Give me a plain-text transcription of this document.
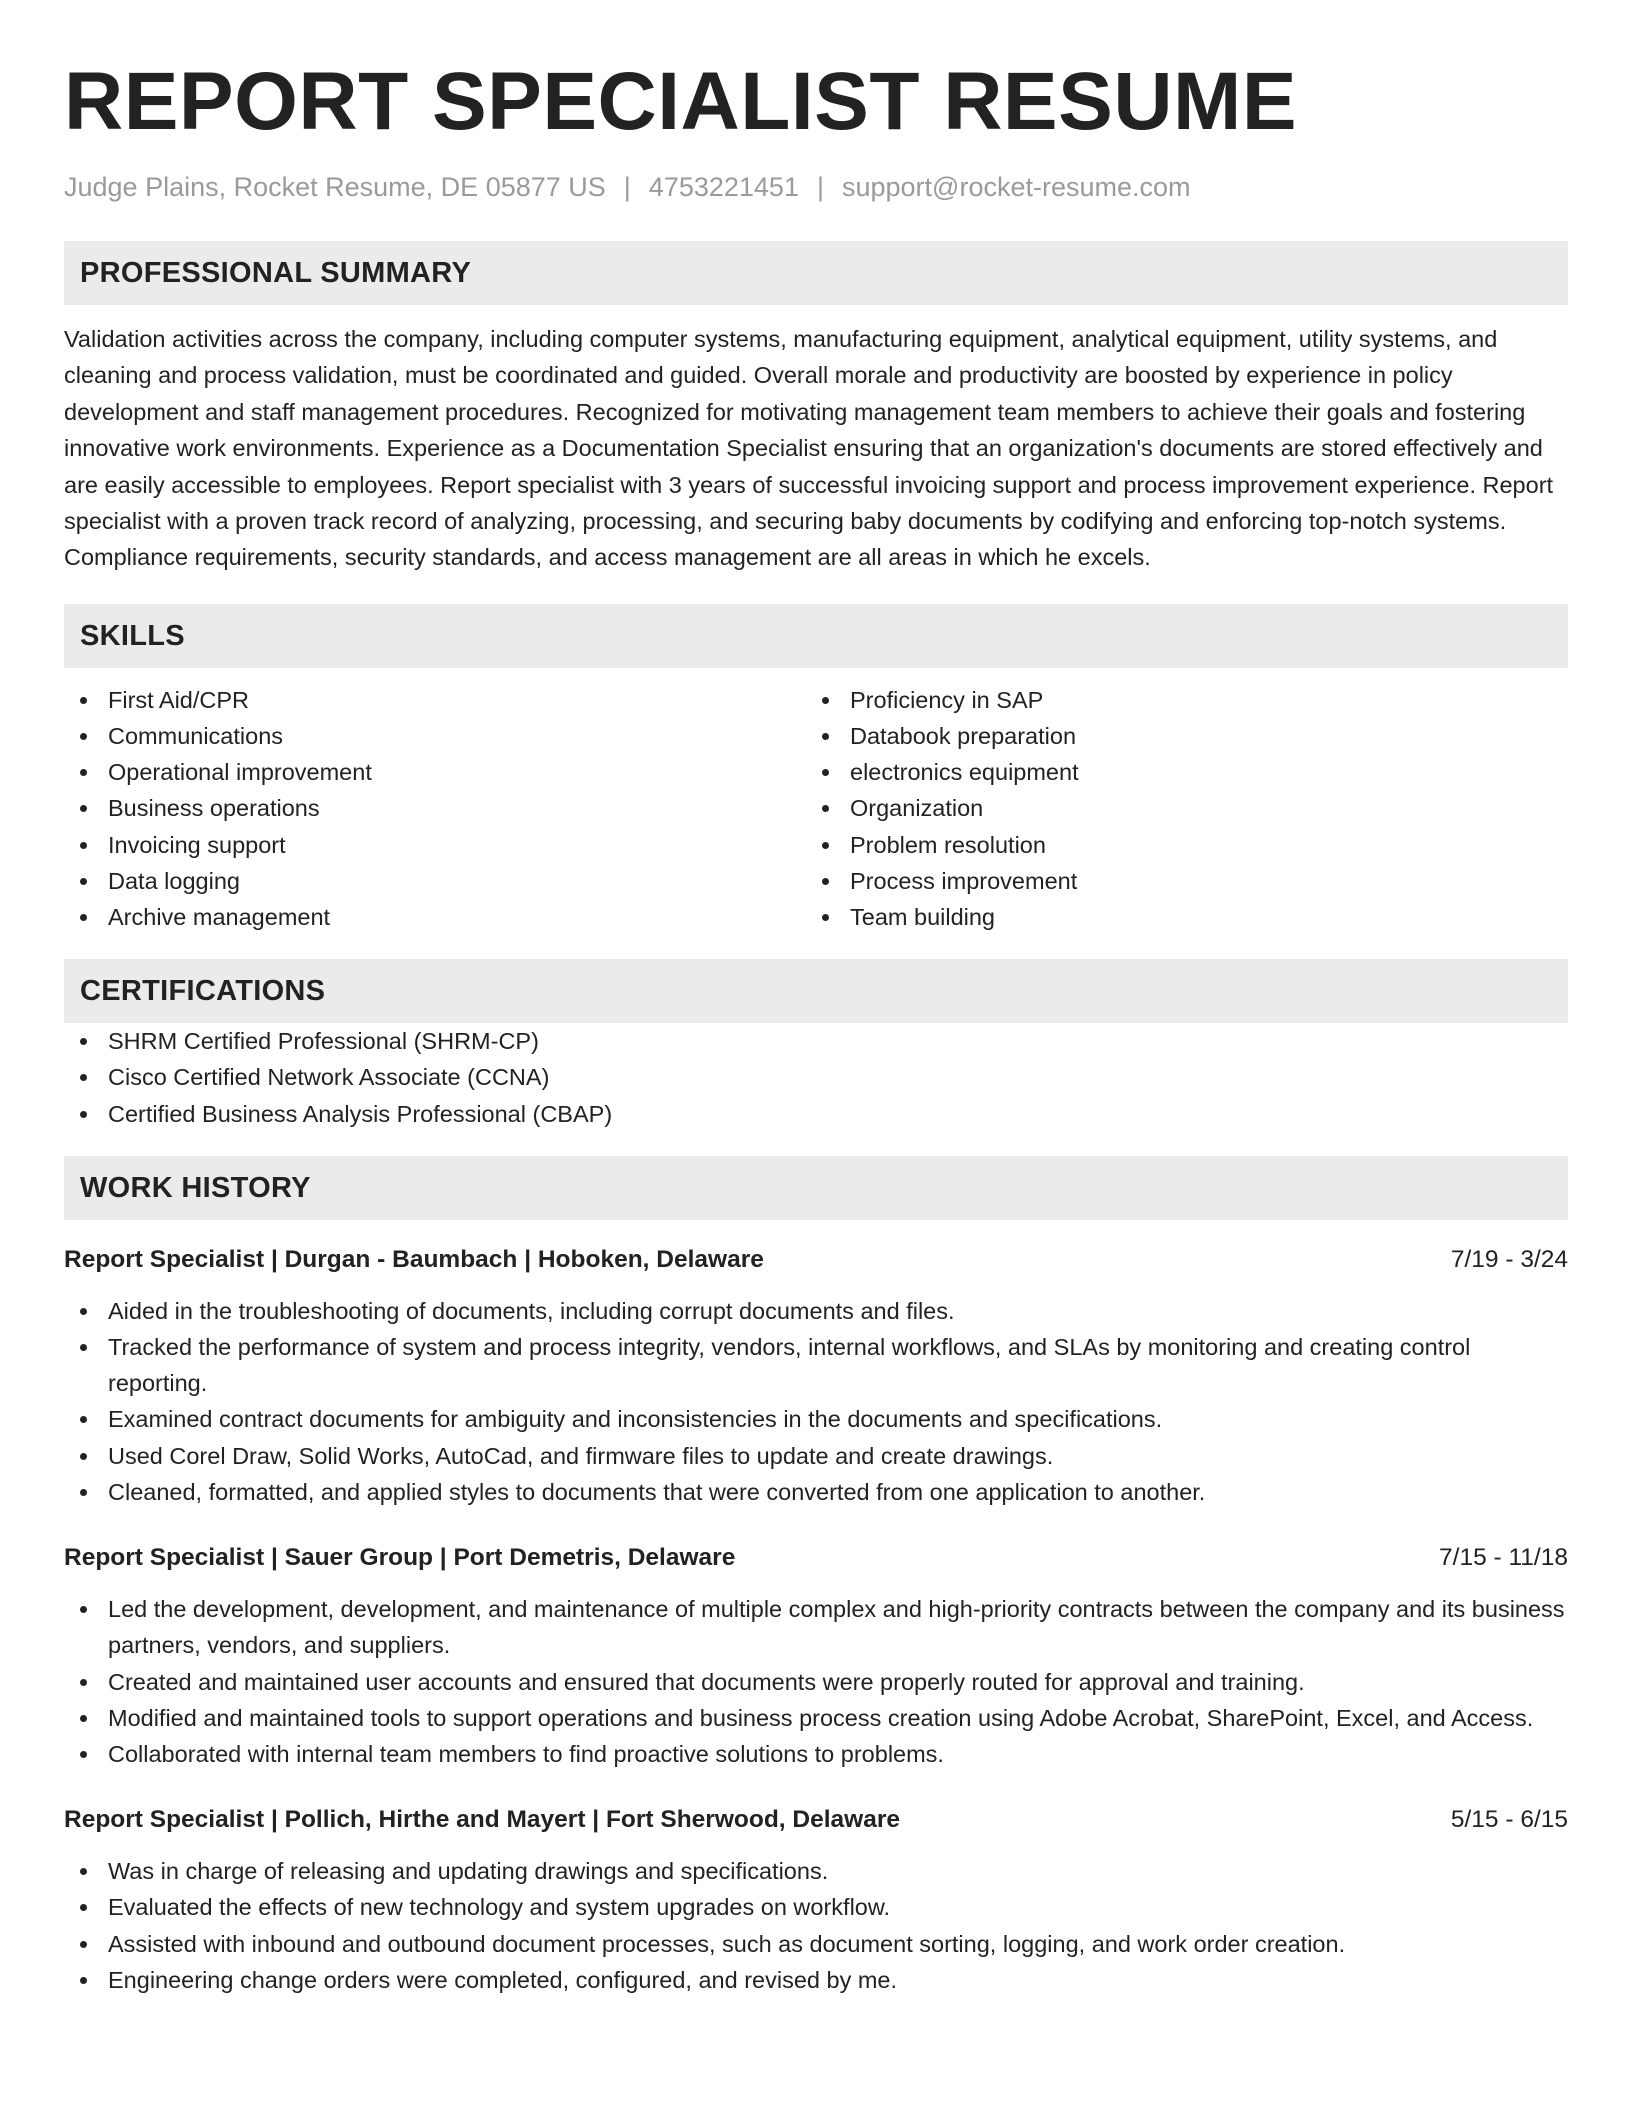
REPORT SPECIALIST RESUME
Judge Plains, Rocket Resume, DE 05877 US | 4753221451 | support@rocket-resume.com
PROFESSIONAL SUMMARY
Validation activities across the company, including computer systems, manufacturing equipment, analytical equipment, utility systems, and cleaning and process validation, must be coordinated and guided. Overall morale and productivity are boosted by experience in policy development and staff management procedures. Recognized for motivating management team members to achieve their goals and fostering innovative work environments. Experience as a Documentation Specialist ensuring that an organization's documents are stored effectively and are easily accessible to employees. Report specialist with 3 years of successful invoicing support and process improvement experience. Report specialist with a proven track record of analyzing, processing, and securing baby documents by codifying and enforcing top-notch systems. Compliance requirements, security standards, and access management are all areas in which he excels.
SKILLS
First Aid/CPR
Communications
Operational improvement
Business operations
Invoicing support
Data logging
Archive management
Proficiency in SAP
Databook preparation
electronics equipment
Organization
Problem resolution
Process improvement
Team building
CERTIFICATIONS
SHRM Certified Professional (SHRM-CP)
Cisco Certified Network Associate (CCNA)
Certified Business Analysis Professional (CBAP)
WORK HISTORY
Report Specialist | Durgan - Baumbach | Hoboken, Delaware	7/19 - 3/24
Aided in the troubleshooting of documents, including corrupt documents and files.
Tracked the performance of system and process integrity, vendors, internal workflows, and SLAs by monitoring and creating control reporting.
Examined contract documents for ambiguity and inconsistencies in the documents and specifications.
Used Corel Draw, Solid Works, AutoCad, and firmware files to update and create drawings.
Cleaned, formatted, and applied styles to documents that were converted from one application to another.
Report Specialist | Sauer Group | Port Demetris, Delaware	7/15 - 11/18
Led the development, development, and maintenance of multiple complex and high-priority contracts between the company and its business partners, vendors, and suppliers.
Created and maintained user accounts and ensured that documents were properly routed for approval and training.
Modified and maintained tools to support operations and business process creation using Adobe Acrobat, SharePoint, Excel, and Access.
Collaborated with internal team members to find proactive solutions to problems.
Report Specialist | Pollich, Hirthe and Mayert | Fort Sherwood, Delaware	5/15 - 6/15
Was in charge of releasing and updating drawings and specifications.
Evaluated the effects of new technology and system upgrades on workflow.
Assisted with inbound and outbound document processes, such as document sorting, logging, and work order creation.
Engineering change orders were completed, configured, and revised by me.
